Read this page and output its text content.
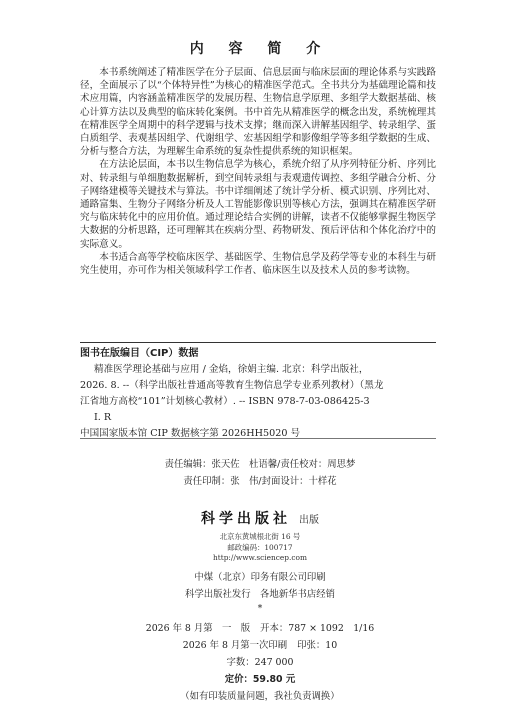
内 容 简 介

本书系统阐述了精准医学在分子层面、信息层面与临床层面的理论体系与实践路径，全面展示了以“个体特异性”为核心的精准医学范式。全书共分为基础理论篇和技术应用篇，内容涵盖精准医学的发展历程、生物信息学原理、多组学大数据基础、核心计算方法以及典型的临床转化案例。书中首先从精准医学的概念出发，系统梳理其在精准医学全周期中的科学逻辑与技术支撑；继而深入讲解基因组学、转录组学、蛋白质组学、表观基因组学、代谢组学、宏基因组学和影像组学等多组学数据的生成、分析与整合方法，为理解生命系统的复杂性提供系统的知识框架。

在方法论层面，本书以生物信息学为核心，系统介绍了从序列特征分析、序列比对、转录组与单细胞数据解析，到空间转录组与表观遗传调控、多组学融合分析、分子网络建模等关键技术与算法。书中详细阐述了统计学分析、模式识别、序列比对、通路富集、生物分子网络分析及人工智能影像识别等核心方法，强调其在精准医学研究与临床转化中的应用价值。通过理论结合实例的讲解，读者不仅能够掌握生物医学大数据的分析思路，还可理解其在疾病分型、药物研发、预后评估和个体化治疗中的实际意义。

本书适合高等学校临床医学、基础医学、生物信息学及药学等专业的本科生与研究生使用，亦可作为相关领域科学工作者、临床医生以及技术人员的参考读物。

图书在版编目（CIP）数据
精准医学理论基础与应用 / 金焰，徐娟主编. 北京：科学出版社，
2026. 8. --（科学出版社普通高等教育生物信息学专业系列教材）（黑龙
江省地方高校“101”计划核心教材）. -- ISBN 978-7-03-086425-3
Ⅰ. R
中国国家版本馆 CIP 数据核字第 2026HH5020 号
责任编辑：张天佐　杜语馨/责任校对：周思梦
责任印制：张　伟/封面设计：十样花
科学出版社 出版
北京东黄城根北街 16 号
邮政编码：100717
http://www.sciencep.com
中煤（北京）印务有限公司印刷
科学出版社发行　各地新华书店经销
*
2026 年 8 月第　一　版 开本：787 × 1092　1/16
2026 年 8 月第一次印刷 印张：10
字数：247 000
定价：59.80 元
（如有印装质量问题，我社负责调换）
